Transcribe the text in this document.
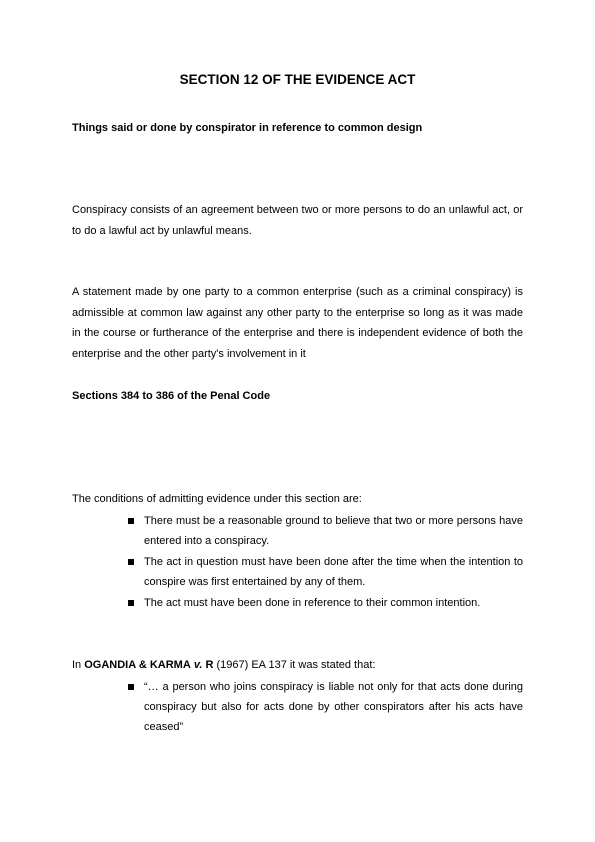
SECTION 12 OF THE EVIDENCE ACT

Things said or done by conspirator in reference to common design

Conspiracy consists of an agreement between two or more persons to do an unlawful act, or to do a lawful act by unlawful means.

A statement made by one party to a common enterprise (such as a criminal conspiracy) is admissible at common law against any other party to the enterprise so long as it was made in the course or furtherance of the enterprise and there is independent evidence of both the enterprise and the other party's involvement in it

Sections 384 to 386 of the Penal Code

The conditions of admitting evidence under this section are:

There must be a reasonable ground to believe that two or more persons have entered into a conspiracy.
The act in question must have been done after the time when the intention to conspire was first entertained by any of them.
The act must have been done in reference to their common intention.

In OGANDIA & KARMA v. R (1967) EA 137 it was stated that:

“… a person who joins conspiracy is liable not only for that acts done during conspiracy but also for acts done by other conspirators after his acts have ceased”
